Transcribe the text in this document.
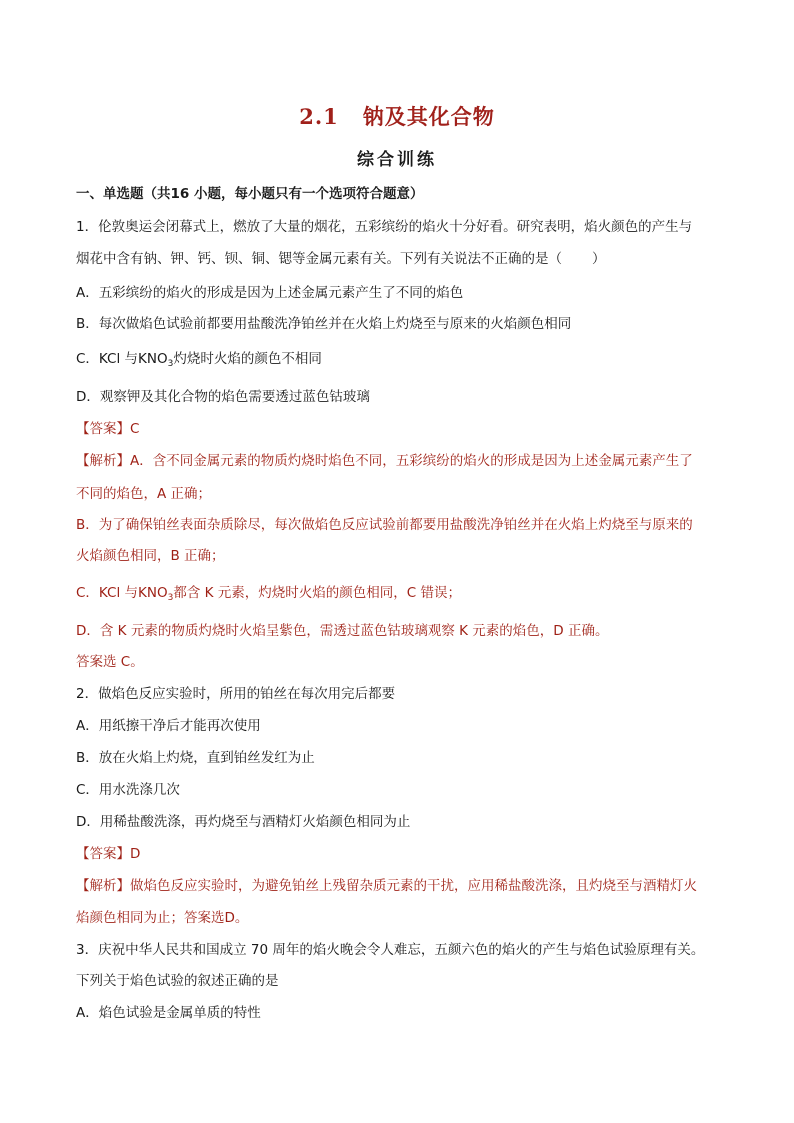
2.1 钠及其化合物
综合训练
一、单选题（共16 小题，每小题只有一个选项符合题意）
1．伦敦奥运会闭幕式上，燃放了大量的烟花，五彩缤纷的焰火十分好看。研究表明，焰火颜色的产生与
烟花中含有钠、钾、钙、钡、铜、锶等金属元素有关。下列有关说法不正确的是（ ）
A．五彩缤纷的焰火的形成是因为上述金属元素产生了不同的焰色
B．每次做焰色试验前都要用盐酸洗净铂丝并在火焰上灼烧至与原来的火焰颜色相同
C．KCl 与$KNO_3$灼烧时火焰的颜色不相同
D．观察钾及其化合物的焰色需要透过蓝色钴玻璃
【答案】C
【解析】A．含不同金属元素的物质灼烧时焰色不同，五彩缤纷的焰火的形成是因为上述金属元素产生了
不同的焰色，A 正确；
B．为了确保铂丝表面杂质除尽，每次做焰色反应试验前都要用盐酸洗净铂丝并在火焰上灼烧至与原来的
火焰颜色相同，B 正确；
C．KCl 与$KNO_3$都含 K 元素，灼烧时火焰的颜色相同，C 错误；
D．含 K 元素的物质灼烧时火焰呈紫色，需透过蓝色钴玻璃观察 K 元素的焰色，D 正确。
答案选 C。
2．做焰色反应实验时，所用的铂丝在每次用完后都要
A．用纸擦干净后才能再次使用
B．放在火焰上灼烧，直到铂丝发红为止
C．用水洗涤几次
D．用稀盐酸洗涤，再灼烧至与酒精灯火焰颜色相同为止
【答案】D
【解析】做焰色反应实验时，为避免铂丝上残留杂质元素的干扰，应用稀盐酸洗涤，且灼烧至与酒精灯火
焰颜色相同为止；答案选D。
3．庆祝中华人民共和国成立 70 周年的焰火晚会令人难忘，五颜六色的焰火的产生与焰色试验原理有关。
下列关于焰色试验的叙述正确的是
A．焰色试验是金属单质的特性
